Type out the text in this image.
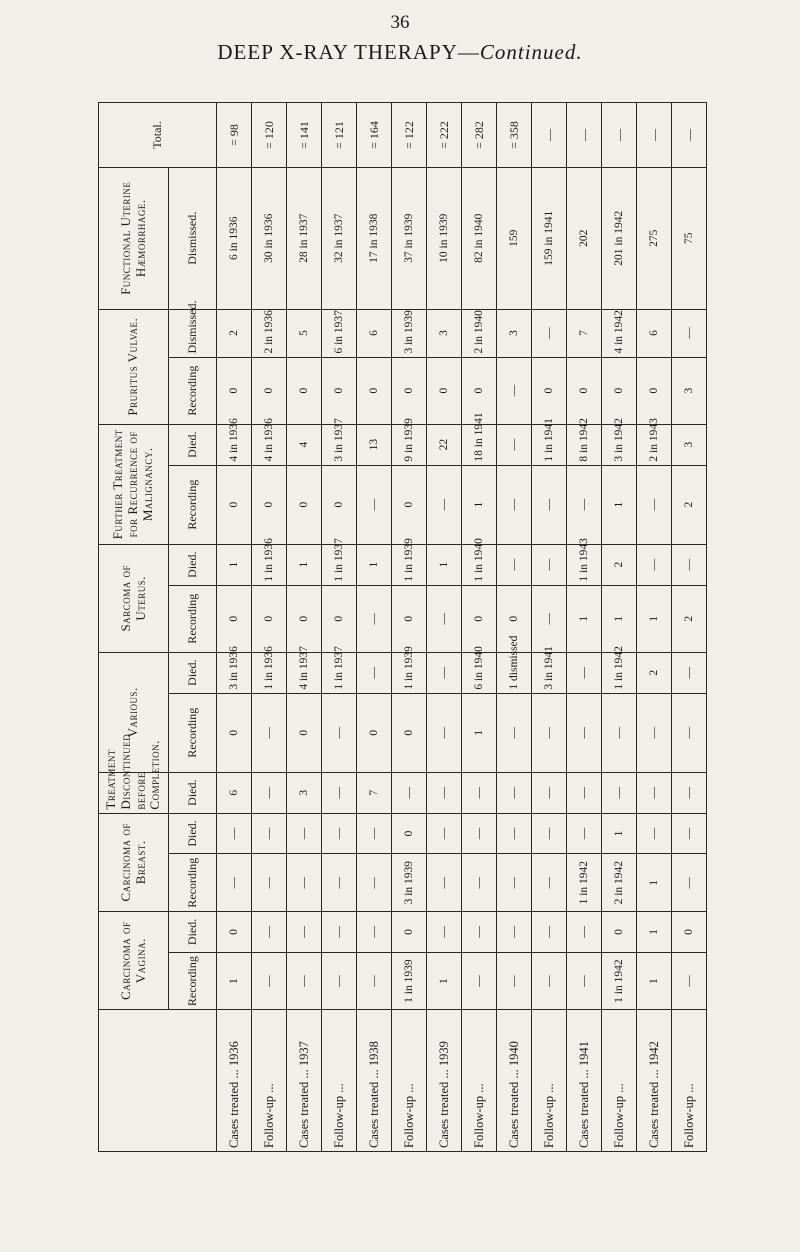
36
DEEP X-RAY THERAPY—Continued.
	Carcinoma of Vagina.		Carcinoma of Breast.		Treatment Discontinued before Completion.	Various.		Sarcoma of Uterus.		Further Treatment for Recurrence of Malignancy.		Pruritus Vulvae.		Functional Uterine Hæmorrhage.	Total.
	Recording	Died.	Recording	Died.	Died.	Recording	Died.	Recording	Died.	Recording	Died.	Recording	Dismissed.	Dismissed.	
Cases treated ... 1936	1	0	—	—	6	0	3 in 1936	0	1	0	4 in 1936	0	2	6 in 1936	= 98
Follow-up ...	—	—	—	—	—	—	1 in 1936	0	1 in 1936	0	4 in 1936	0	2 in 1936	30 in 1936	= 120
Cases treated ... 1937	—	—	—	—	3	0	4 in 1937	0	1	0	4	0	5	28 in 1937	= 141
Follow-up ...	—	—	—	—	—	—	1 in 1937	0	1 in 1937	0	3 in 1937	0	6 in 1937	32 in 1937	= 121
Cases treated ... 1938	—	—	—	—	7	0	—	—	1	—	13	0	6	17 in 1938	= 164
Follow-up ...	1 in 1939	0	3 in 1939	0	—	0	1 in 1939	0	1 in 1939	0	9 in 1939	0	3 in 1939	37 in 1939	= 122
Cases treated ... 1939	1	—	—	—	—	—	—	—	1	—	22	0	3	10 in 1939	= 222
Follow-up ...	—	—	—	—	—	1	6 in 1940	0	1 in 1940	1	18 in 1941	0	2 in 1940	82 in 1940	= 282
Cases treated ... 1940	—	—	—	—	—	—	1 dismissed	0	—	—	—	—	3	159	= 358
Follow-up ...	—	—	—	—	—	—	3 in 1941	—	—	—	1 in 1941	0	—	159 in 1941	—
Cases treated ... 1941	—	—	1 in 1942	—	—	—	—	1	1 in 1943	—	8 in 1942	0	7	202	—
Follow-up ...	1 in 1942	0	2 in 1942	1	—	—	1 in 1942	1	2	1	3 in 1942	0	4 in 1942	201 in 1942	—
Cases treated ... 1942	1	1	1	—	—	—	2	1	—	—	2 in 1943	0	6	275	—
Follow-up ...	—	0	—	—	—	—	—	2	—	2	3	3	—	75	—
